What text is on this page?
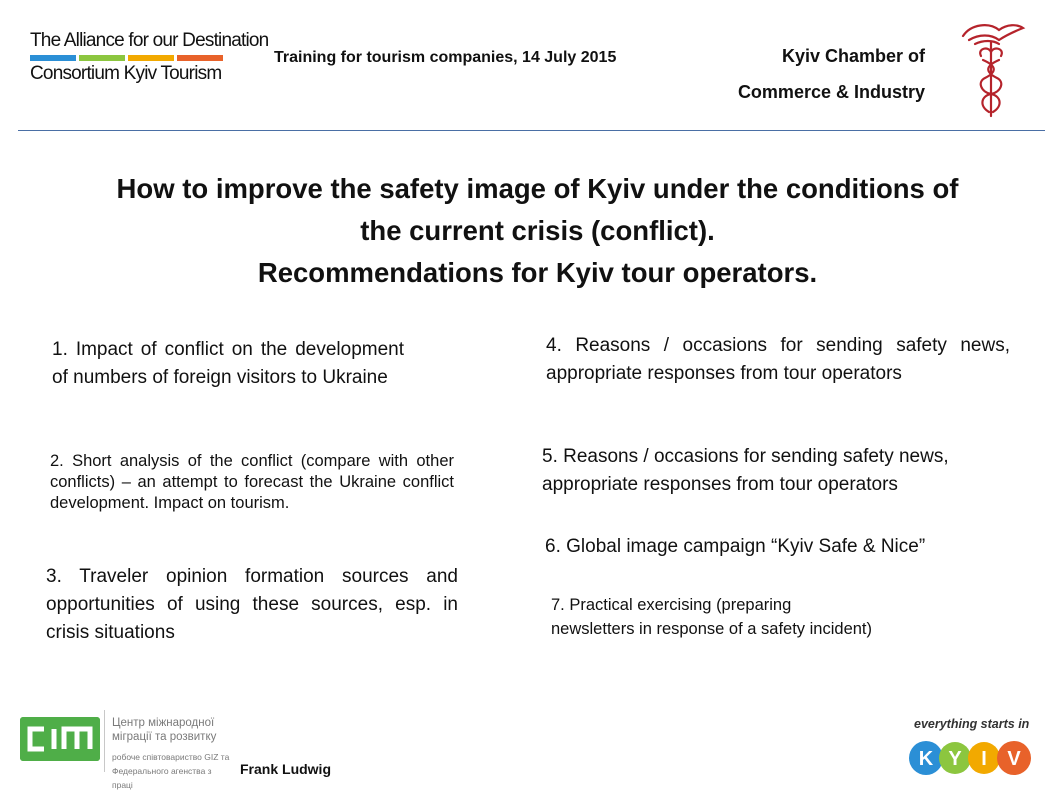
The Alliance for our Destination
Consortium Kyiv Tourism
Training for tourism companies, 14 July 2015	Kyiv Chamber of
Commerce & Industry
How to improve the safety image of Kyiv under the conditions of
the current crisis (conflict).
Recommendations for Kyiv tour operators.
1. Impact of conflict on the development of numbers of foreign visitors to Ukraine
2. Short analysis of the conflict (compare with other conflicts) – an attempt to forecast the Ukraine conflict development. Impact on tourism.
3. Traveler opinion formation sources and opportunities of using these sources, esp. in crisis situations
4. Reasons / occasions for sending safety news, appropriate responses from tour operators
5. Reasons / occasions for sending safety news, appropriate responses from tour operators
6. Global image campaign “Kyiv Safe & Nice”
7. Practical exercising (preparing
newsletters in response of a safety incident)
Центр міжнародної
міграції та розвитку
робоче співтовариство GIZ та
Федерального агенства з праці
Frank Ludwig
everything starts in
K Y I V
